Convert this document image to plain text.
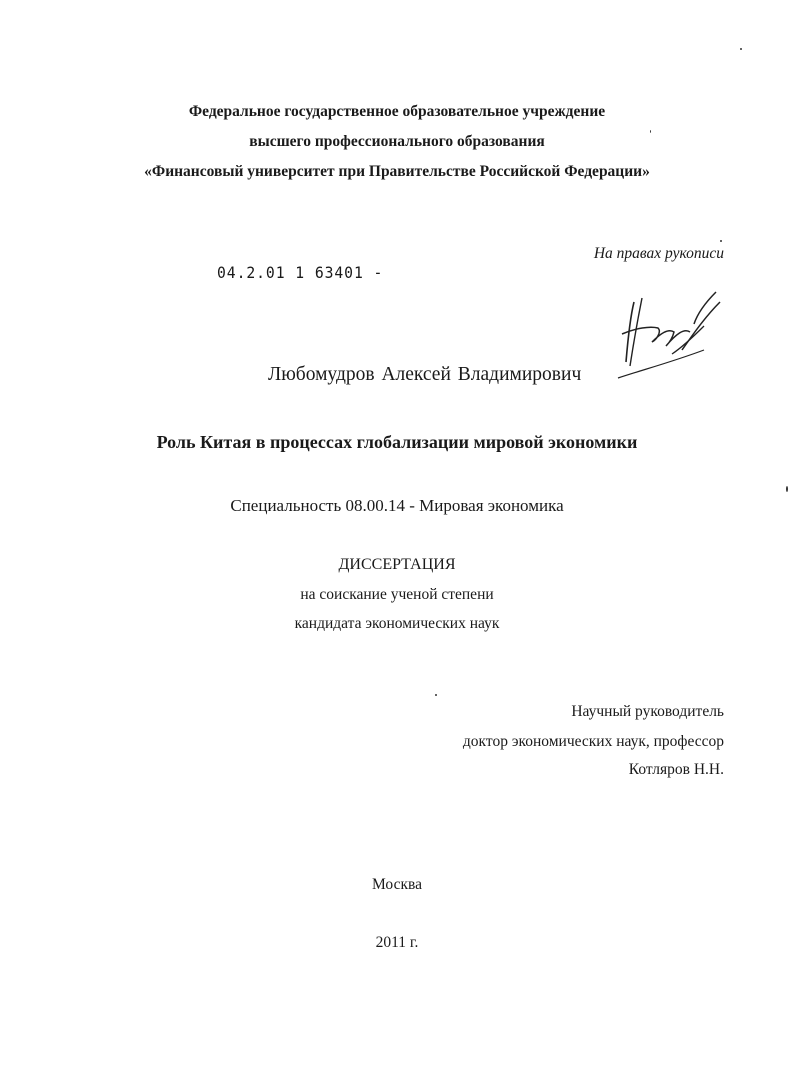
Федеральное государственное образовательное учреждение
высшего профессионального образования
«Финансовый университет при Правительстве Российской Федерации»
На правах рукописи
04.2.01 1 63401 -
Любомудров Алексей Владимирович
Роль Китая в процессах глобализации мировой экономики
Специальность 08.00.14 - Мировая экономика
ДИССЕРТАЦИЯ
на соискание ученой степени
кандидата экономических наук
Научный руководитель
доктор экономических наук, профессор
Котляров Н.Н.
Москва
2011 г.
